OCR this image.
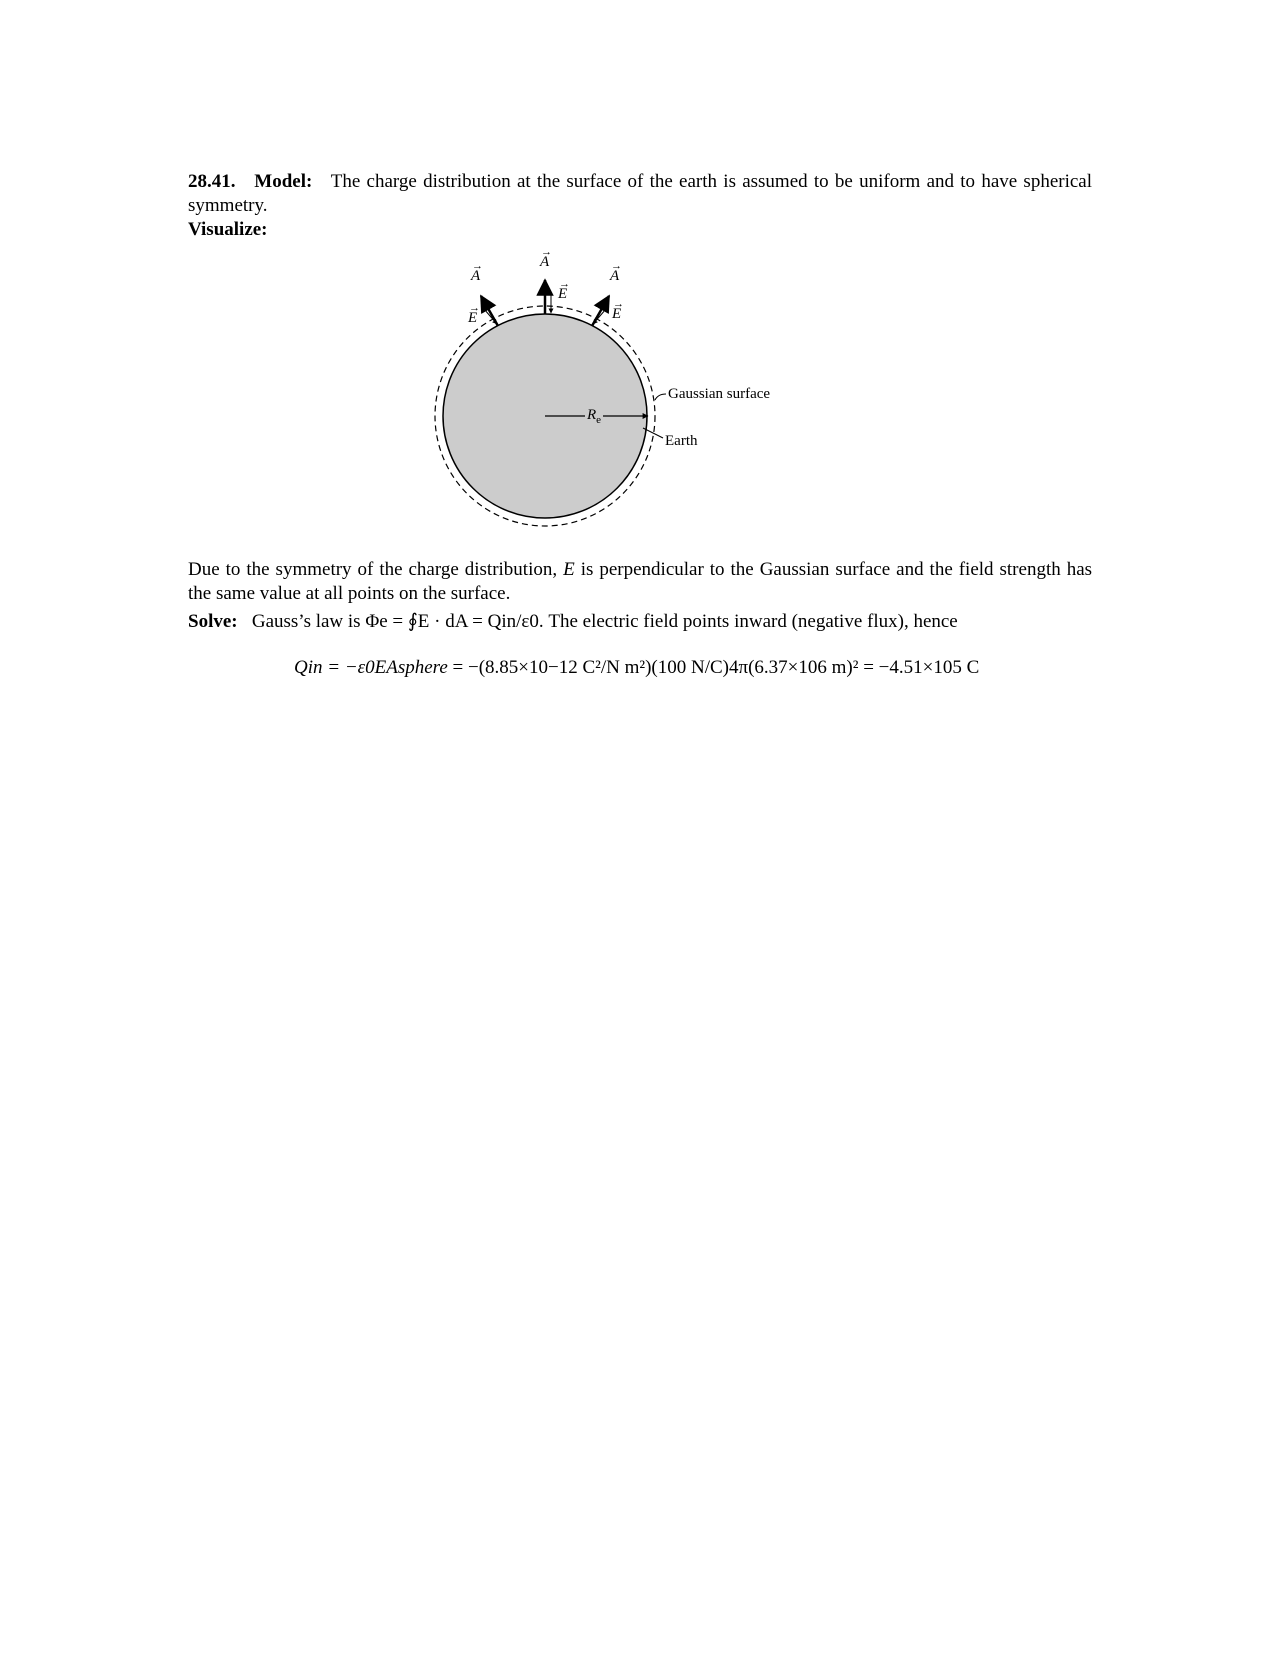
28.41. Model: The charge distribution at the surface of the earth is assumed to be uniform and to have spherical symmetry.

Visualize:

→
A
→
A	→
A
→
E
→
E
→
E
$R_e$
Gaussian surface
Earth

Due to the symmetry of the charge distribution, E is perpendicular to the Gaussian surface and the field strength has the same value at all points on the surface.

Solve: Gauss’s law is Φe = ∮E · dA = Qin/ε0. The electric field points inward (negative flux), hence

Qin = −ε0EAsphere = −(8.85×10−12 C²/N m²)(100 N/C)4π(6.37×106 m)² = −4.51×105 C
